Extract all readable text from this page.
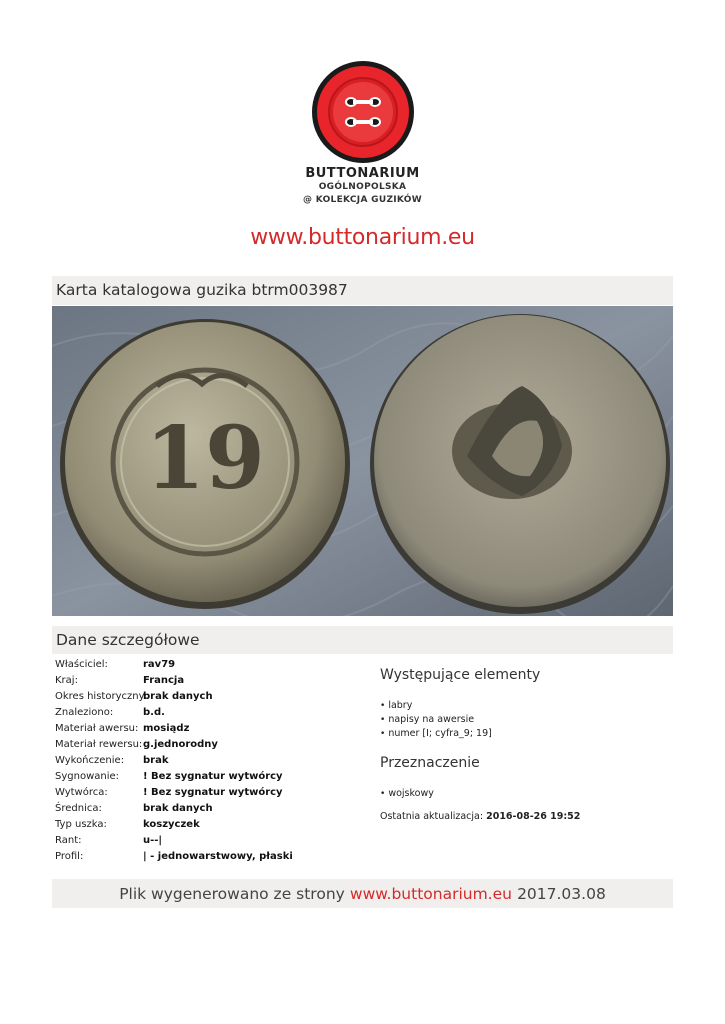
BUTTONARIUM
OGÓLNOPOLSKA
@ KOLEKCJA GUZIKÓW
www.buttonarium.eu
Karta katalogowa guzika btrm003987
19
Dane szczegółowe
Właściciel:	rav79
Kraj:	Francja
Okres historyczny:
brak danych
Znaleziono:	b.d.
Materiał awersu: mosiądz
Materiał rewersu: g.jednorodny
Wykończenie:	brak
Sygnowanie:	! Bez sygnatur wytwórcy
Wytwórca:	! Bez sygnatur wytwórcy
Średnica:	brak danych
Typ uszka:	koszyczek
Rant:	u--|
Profil:	| - jednowarstwowy, płaski
Występujące elementy
• labry
• napisy na awersie
• numer [I; cyfra_9; 19]
Przeznaczenie
• wojskowy
Ostatnia aktualizacja: 2016-08-26 19:52
Plik wygenerowano ze strony www.buttonarium.eu 2017.03.08
